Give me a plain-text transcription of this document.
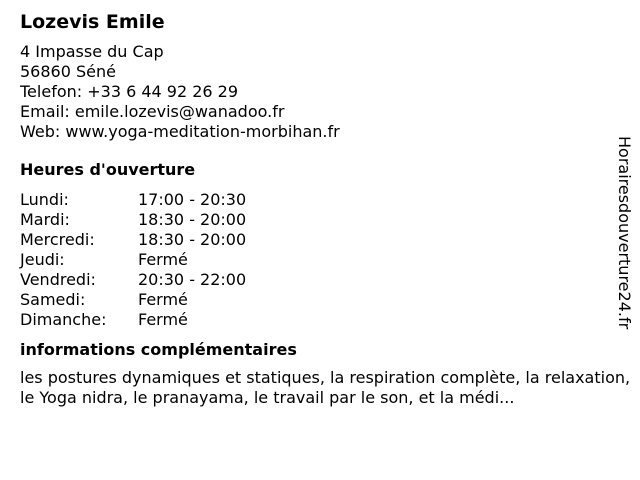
Lozevis Emile
4 Impasse du Cap
56860 Séné
Telefon: +33 6 44 92 26 29
Email: emile.lozevis@wanadoo.fr
Web: www.yoga-meditation-morbihan.fr
Heures d'ouverture
Lundi:	17:00 - 20:30
Mardi:	18:30 - 20:00
Mercredi:	18:30 - 20:00
Jeudi:	Fermé
Vendredi:	20:30 - 22:00
Samedi:	Fermé
Dimanche:	Fermé
informations complémentaires
les postures dynamiques et statiques, la respiration complète, la relaxation, le Yoga nidra, le pranayama, le travail par le son, et la médi...
Horairesdouverture24.fr
